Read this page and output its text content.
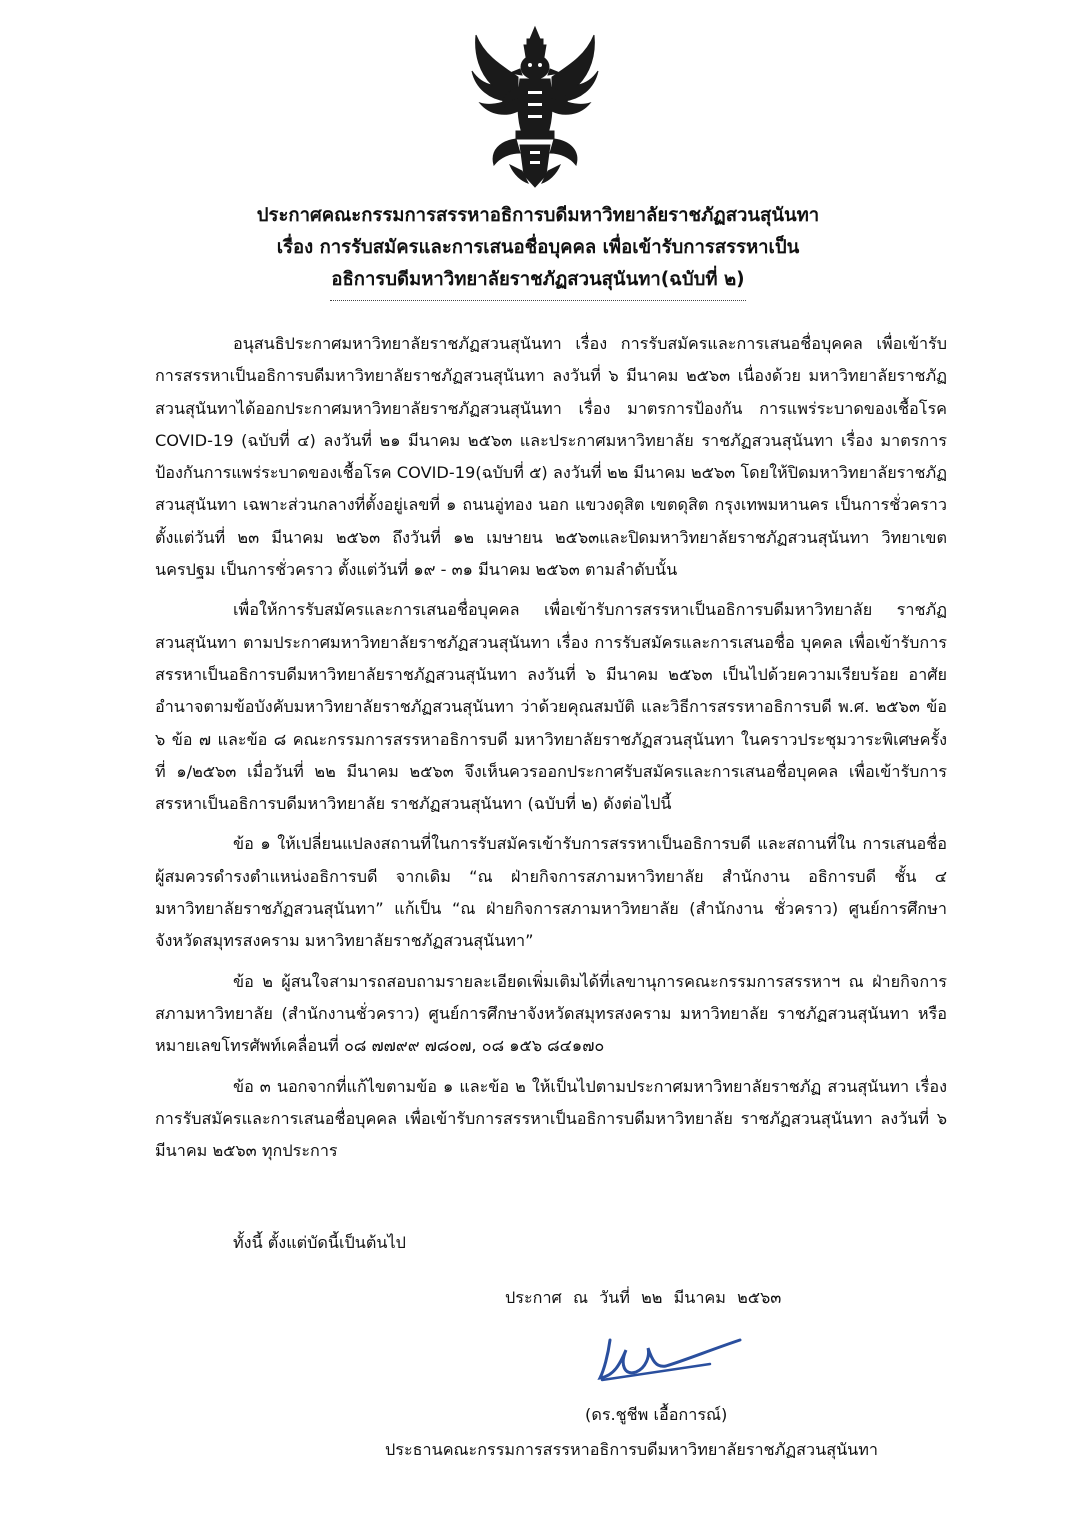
ประกาศคณะกรรมการสรรหาอธิการบดีมหาวิทยาลัยราชภัฏสวนสุนันทา
เรื่อง การรับสมัครและการเสนอชื่อบุคคล เพื่อเข้ารับการสรรหาเป็น
อธิการบดีมหาวิทยาลัยราชภัฏสวนสุนันทา(ฉบับที่ ๒)

อนุสนธิประกาศมหาวิทยาลัยราชภัฏสวนสุนันทา เรื่อง การรับสมัครและการเสนอชื่อบุคคล เพื่อเข้ารับการสรรหาเป็นอธิการบดีมหาวิทยาลัยราชภัฏสวนสุนันทา ลงวันที่ ๖ มีนาคม ๒๕๖๓ เนื่องด้วย มหาวิทยาลัยราชภัฏสวนสุนันทาได้ออกประกาศมหาวิทยาลัยราชภัฏสวนสุนันทา เรื่อง มาตรการป้องกัน การแพร่ระบาดของเชื้อโรค COVID-19 (ฉบับที่ ๔) ลงวันที่ ๒๑ มีนาคม ๒๕๖๓ และประกาศมหาวิทยาลัย ราชภัฏสวนสุนันทา เรื่อง มาตรการป้องกันการแพร่ระบาดของเชื้อโรค COVID-19(ฉบับที่ ๕) ลงวันที่ ๒๒ มีนาคม ๒๕๖๓ โดยให้ปิดมหาวิทยาลัยราชภัฏสวนสุนันทา เฉพาะส่วนกลางที่ตั้งอยู่เลขที่ ๑ ถนนอู่ทอง นอก แขวงดุสิต เขตดุสิต กรุงเทพมหานคร เป็นการชั่วคราว ตั้งแต่วันที่ ๒๓ มีนาคม ๒๕๖๓ ถึงวันที่ ๑๒ เมษายน ๒๕๖๓และปิดมหาวิทยาลัยราชภัฏสวนสุนันทา วิทยาเขตนครปฐม เป็นการชั่วคราว ตั้งแต่วันที่ ๑๙ - ๓๑ มีนาคม ๒๕๖๓ ตามลำดับนั้น

เพื่อให้การรับสมัครและการเสนอชื่อบุคคล เพื่อเข้ารับการสรรหาเป็นอธิการบดีมหาวิทยาลัย ราชภัฏสวนสุนันทา ตามประกาศมหาวิทยาลัยราชภัฏสวนสุนันทา เรื่อง การรับสมัครและการเสนอชื่อ บุคคล เพื่อเข้ารับการสรรหาเป็นอธิการบดีมหาวิทยาลัยราชภัฏสวนสุนันทา ลงวันที่ ๖ มีนาคม ๒๕๖๓ เป็นไปด้วยความเรียบร้อย อาศัยอำนาจตามข้อบังคับมหาวิทยาลัยราชภัฏสวนสุนันทา ว่าด้วยคุณสมบัติ และวิธีการสรรหาอธิการบดี พ.ศ. ๒๕๖๓ ข้อ ๖ ข้อ ๗ และข้อ ๘ คณะกรรมการสรรหาอธิการบดี มหาวิทยาลัยราชภัฏสวนสุนันทา ในคราวประชุมวาระพิเศษครั้งที่ ๑/๒๕๖๓ เมื่อวันที่ ๒๒ มีนาคม ๒๕๖๓ จึงเห็นควรออกประกาศรับสมัครและการเสนอชื่อบุคคล เพื่อเข้ารับการสรรหาเป็นอธิการบดีมหาวิทยาลัย ราชภัฏสวนสุนันทา (ฉบับที่ ๒) ดังต่อไปนี้

ข้อ ๑ ให้เปลี่ยนแปลงสถานที่ในการรับสมัครเข้ารับการสรรหาเป็นอธิการบดี และสถานที่ใน การเสนอชื่อผู้สมควรดำรงตำแหน่งอธิการบดี จากเดิม “ณ ฝ่ายกิจการสภามหาวิทยาลัย สำนักงาน อธิการบดี ชั้น ๔ มหาวิทยาลัยราชภัฏสวนสุนันทา” แก้เป็น “ณ ฝ่ายกิจการสภามหาวิทยาลัย (สำนักงาน ชั่วคราว) ศูนย์การศึกษาจังหวัดสมุทรสงคราม มหาวิทยาลัยราชภัฏสวนสุนันทา”

ข้อ ๒ ผู้สนใจสามารถสอบถามรายละเอียดเพิ่มเติมได้ที่เลขานุการคณะกรรมการสรรหาฯ ณ ฝ่ายกิจการสภามหาวิทยาลัย (สำนักงานชั่วคราว) ศูนย์การศึกษาจังหวัดสมุทรสงคราม มหาวิทยาลัย ราชภัฏสวนสุนันทา หรือหมายเลขโทรศัพท์เคลื่อนที่ ๐๘ ๗๗๙๙ ๗๘๐๗, ๐๘ ๑๕๖ ๘๔๑๗๐

ข้อ ๓ นอกจากที่แก้ไขตามข้อ ๑ และข้อ ๒ ให้เป็นไปตามประกาศมหาวิทยาลัยราชภัฏ สวนสุนันทา เรื่อง การรับสมัครและการเสนอชื่อบุคคล เพื่อเข้ารับการสรรหาเป็นอธิการบดีมหาวิทยาลัย ราชภัฏสวนสุนันทา ลงวันที่ ๖ มีนาคม ๒๕๖๓ ทุกประการ

ทั้งนี้ ตั้งแต่บัดนี้เป็นต้นไป
ประกาศ ณ วันที่ ๒๒ มีนาคม ๒๕๖๓
(ดร.ชูชีพ เอื้อการณ์)
ประธานคณะกรรมการสรรหาอธิการบดีมหาวิทยาลัยราชภัฏสวนสุนันทา
